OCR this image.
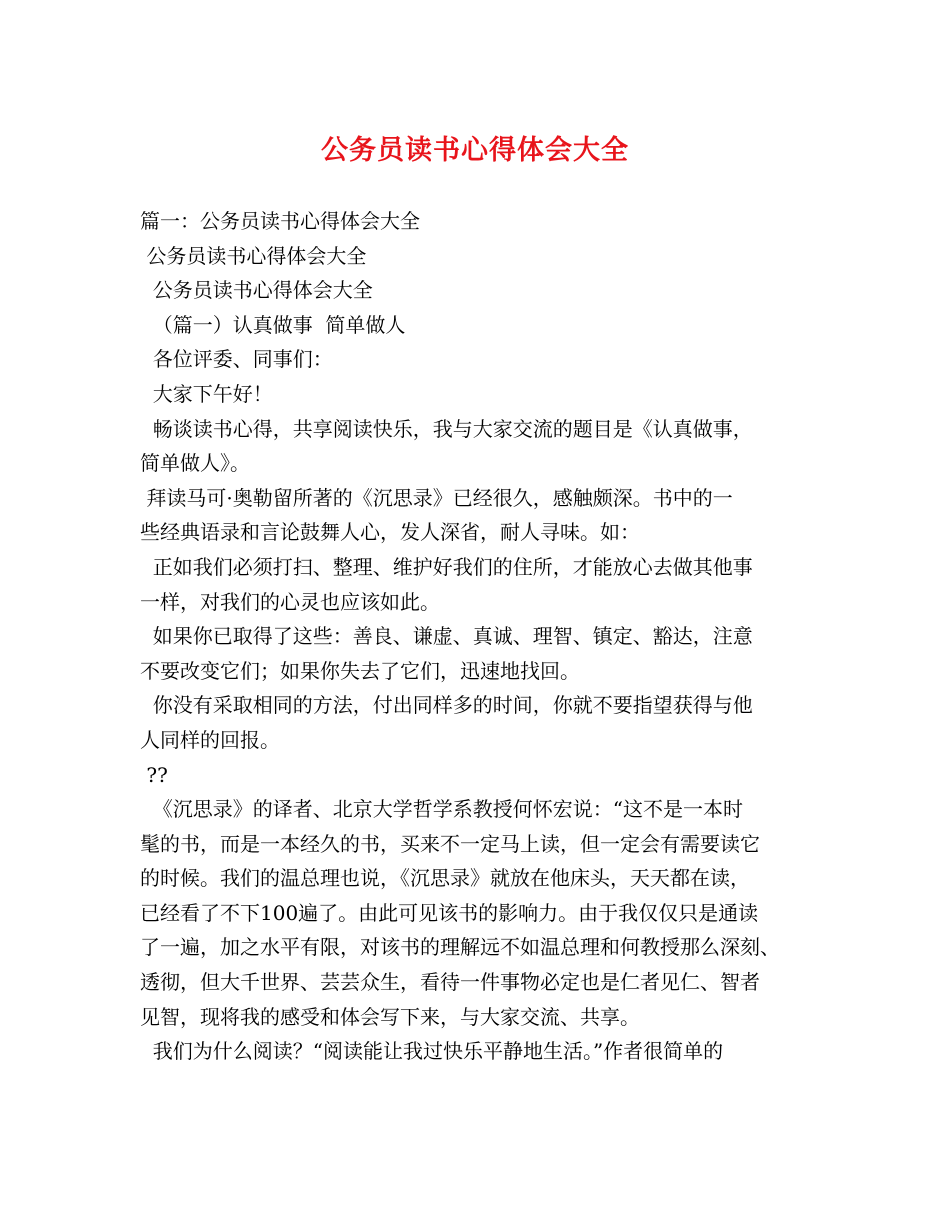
公务员读书心得体会大全
篇一：公务员读书心得体会大全
公务员读书心得体会大全
公务员读书心得体会大全
（篇一）认真做事  简单做人
各位评委、同事们：
大家下午好！
畅谈读书心得，共享阅读快乐，我与大家交流的题目是《认真做事，
简单做人》。
拜读马可·奥勒留所著的《沉思录》已经很久，感触颇深。书中的一
些经典语录和言论鼓舞人心，发人深省，耐人寻味。如：
正如我们必须打扫、整理、维护好我们的住所，才能放心去做其他事
一样，对我们的心灵也应该如此。
如果你已取得了这些：善良、谦虚、真诚、理智、镇定、豁达，注意
不要改变它们；如果你失去了它们，迅速地找回。
你没有采取相同的方法，付出同样多的时间，你就不要指望获得与他
人同样的回报。
??
《沉思录》的译者、北京大学哲学系教授何怀宏说：“这不是一本时
髦的书，而是一本经久的书，买来不一定马上读，但一定会有需要读它
的时候。我们的温总理也说，《沉思录》就放在他床头，天天都在读，
已经看了不下100遍了。由此可见该书的影响力。由于我仅仅只是通读
了一遍，加之水平有限，对该书的理解远不如温总理和何教授那么深刻、
透彻，但大千世界、芸芸众生，看待一件事物必定也是仁者见仁、智者
见智，现将我的感受和体会写下来，与大家交流、共享。
我们为什么阅读？“阅读能让我过快乐平静地生活。”作者很简单的
